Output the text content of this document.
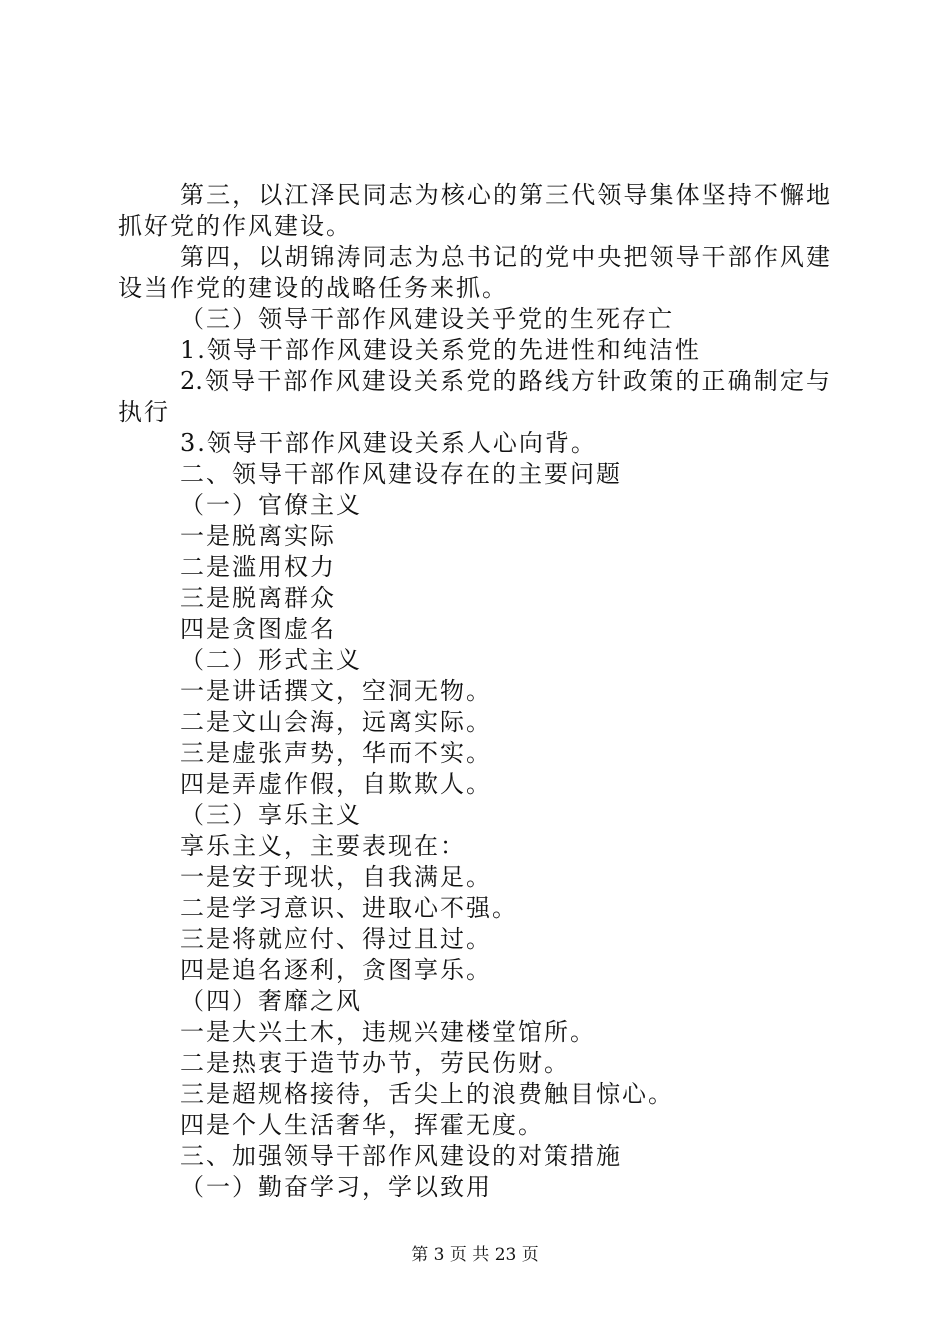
第三，以江泽民同志为核心的第三代领导集体坚持不懈地
抓好党的作风建设。
第四，以胡锦涛同志为总书记的党中央把领导干部作风建
设当作党的建设的战略任务来抓。
（三）领导干部作风建设关乎党的生死存亡
1.领导干部作风建设关系党的先进性和纯洁性
2.领导干部作风建设关系党的路线方针政策的正确制定与
执行
3.领导干部作风建设关系人心向背。
二、领导干部作风建设存在的主要问题
（一）官僚主义
一是脱离实际
二是滥用权力
三是脱离群众
四是贪图虚名
（二）形式主义
一是讲话撰文，空洞无物。
二是文山会海，远离实际。
三是虚张声势，华而不实。
四是弄虚作假，自欺欺人。
（三）享乐主义
享乐主义，主要表现在：
一是安于现状，自我满足。
二是学习意识、进取心不强。
三是将就应付、得过且过。
四是追名逐利，贪图享乐。
（四）奢靡之风
一是大兴土木，违规兴建楼堂馆所。
二是热衷于造节办节，劳民伤财。
三是超规格接待，舌尖上的浪费触目惊心。
四是个人生活奢华，挥霍无度。
三、加强领导干部作风建设的对策措施
（一）勤奋学习，学以致用
第 3 页 共 23 页
